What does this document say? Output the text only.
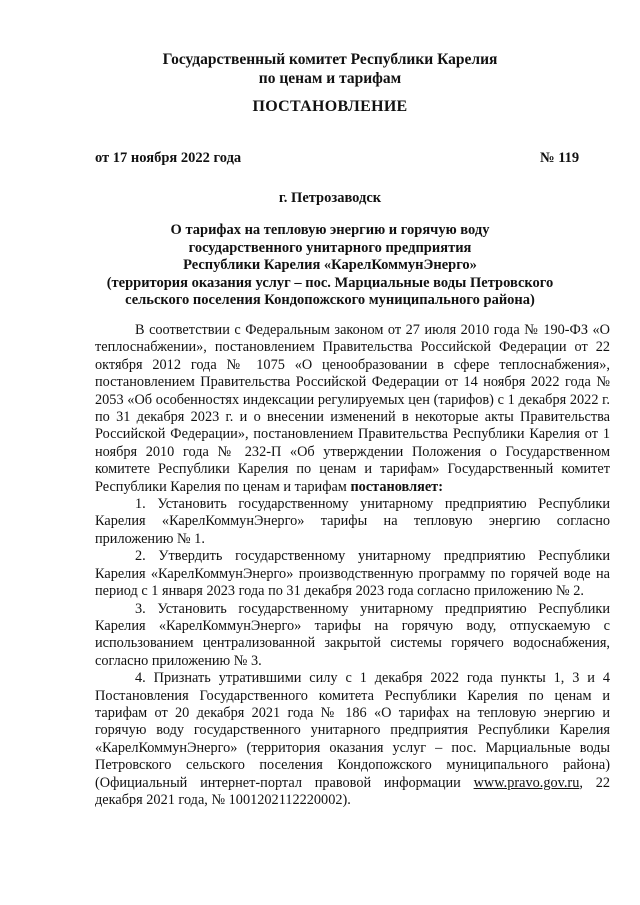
Государственный комитет Республики Карелия
по ценам и тарифам
ПОСТАНОВЛЕНИЕ
от 17 ноября 2022 года	№ 119
г. Петрозаводск
О тарифах на тепловую энергию и горячую воду
государственного унитарного предприятия
Республики Карелия «КарелКоммунЭнерго»
(территория оказания услуг – пос. Марциальные воды Петровского
сельского поселения Кондопожского муниципального района)

В соответствии с Федеральным законом от 27 июля 2010 года № 190-ФЗ «О теплоснабжении», постановлением Правительства Российской Федерации от 22 октября 2012 года № 1075 «О ценообразовании в сфере теплоснабжения», постановлением Правительства Российской Федерации от 14 ноября 2022 года № 2053 «Об особенностях индексации регулируемых цен (тарифов) с 1 декабря 2022 г. по 31 декабря 2023 г. и о внесении изменений в некоторые акты Правительства Российской Федерации», постановлением Правительства Республики Карелия от 1 ноября 2010 года № 232-П «Об утверждении Положения о Государственном комитете Республики Карелия по ценам и тарифам» Государственный комитет Республики Карелия по ценам и тарифам постановляет:

1. Установить государственному унитарному предприятию Республики Карелия «КарелКоммунЭнерго» тарифы на тепловую энергию согласно приложению № 1.

2. Утвердить государственному унитарному предприятию Республики Карелия «КарелКоммунЭнерго» производственную программу по горячей воде на период с 1 января 2023 года по 31 декабря 2023 года согласно приложению № 2.

3. Установить государственному унитарному предприятию Республики Карелия «КарелКоммунЭнерго» тарифы на горячую воду, отпускаемую с использованием централизованной закрытой системы горячего водоснабжения, согласно приложению № 3.

4. Признать утратившими силу с 1 декабря 2022 года пункты 1, 3 и 4 Постановления Государственного комитета Республики Карелия по ценам и тарифам от 20 декабря 2021 года № 186 «О тарифах на тепловую энергию и горячую воду государственного унитарного предприятия Республики Карелия «КарелКоммунЭнерго» (территория оказания услуг – пос. Марциальные воды Петровского сельского поселения Кондопожского муниципального района) (Официальный интернет-портал правовой информации www.pravo.gov.ru, 22 декабря 2021 года, № 1001202112220002).
